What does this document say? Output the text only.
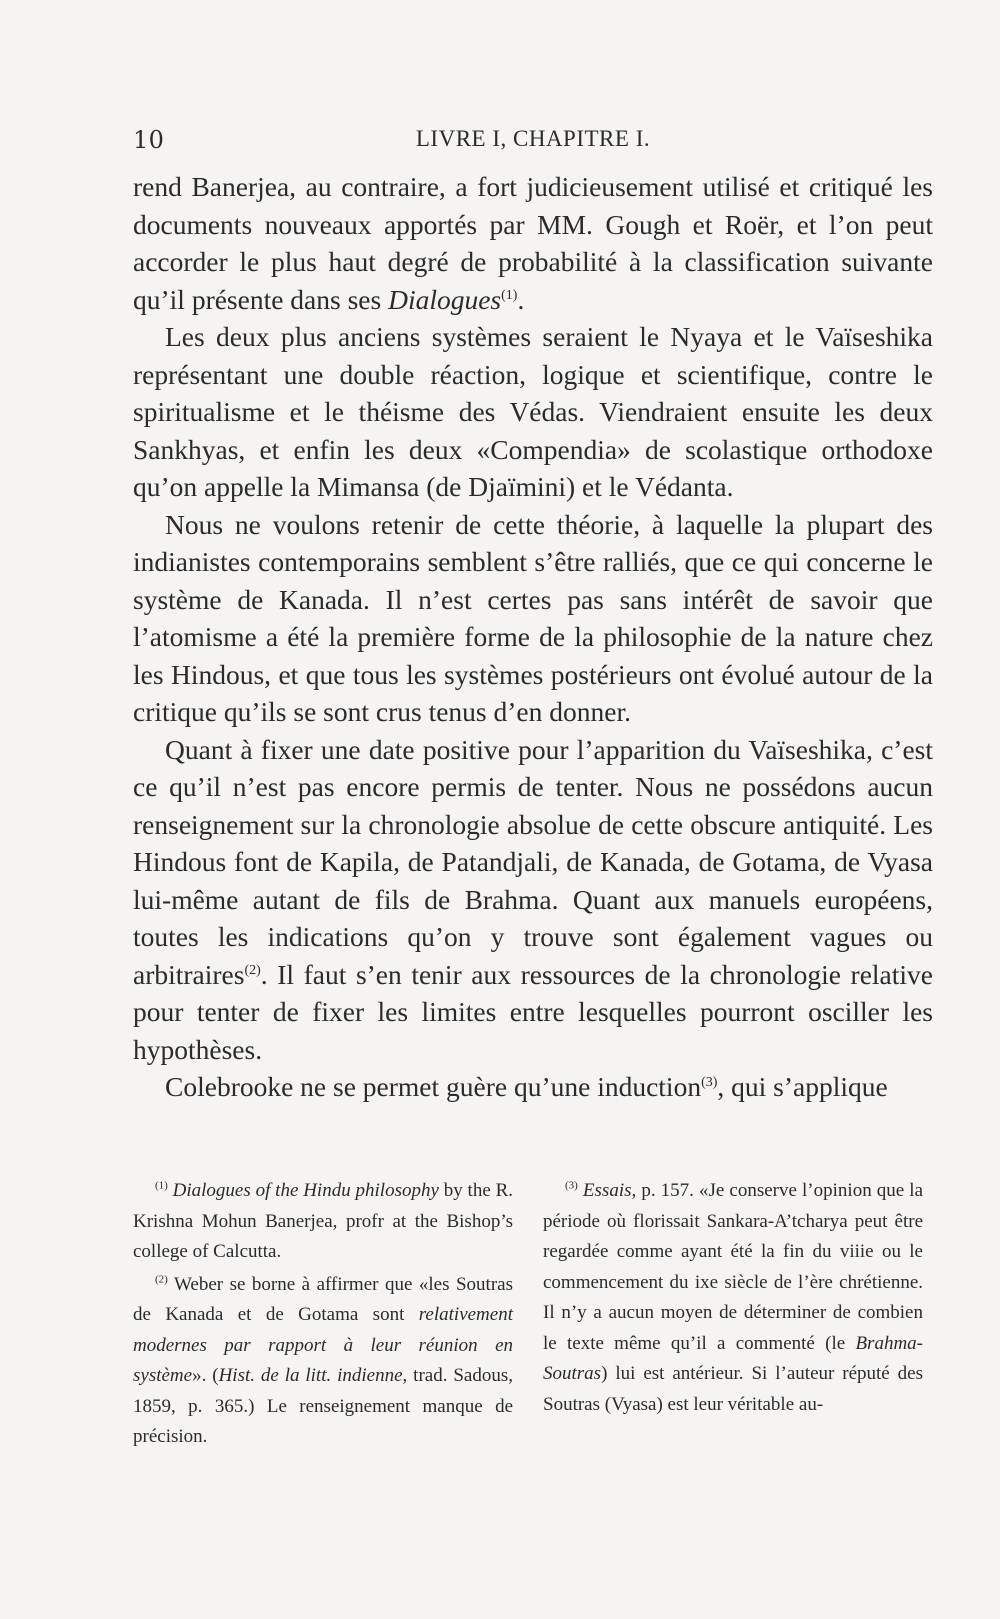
10	LIVRE I, CHAPITRE I.

rend Banerjea, au contraire, a fort judicieusement utilisé et critiqué les documents nouveaux apportés par MM. Gough et Roër, et l’on peut accorder le plus haut degré de probabilité à la classification suivante qu’il présente dans ses Dialogues$^{(1)}$.

Les deux plus anciens systèmes seraient le Nyaya et le Vaïseshika représentant une double réaction, logique et scientifique, contre le spiritualisme et le théisme des Védas. Viendraient ensuite les deux Sankhyas, et enfin les deux «Compendia» de scolastique orthodoxe qu’on appelle la Mimansa (de Djaïmini) et le Védanta.

Nous ne voulons retenir de cette théorie, à laquelle la plupart des indianistes contemporains semblent s’être ralliés, que ce qui concerne le système de Kanada. Il n’est certes pas sans intérêt de savoir que l’atomisme a été la première forme de la philosophie de la nature chez les Hindous, et que tous les systèmes postérieurs ont évolué autour de la critique qu’ils se sont crus tenus d’en donner.

Quant à fixer une date positive pour l’apparition du Vaïseshika, c’est ce qu’il n’est pas encore permis de tenter. Nous ne possédons aucun renseignement sur la chronologie absolue de cette obscure antiquité. Les Hindous font de Kapila, de Patandjali, de Kanada, de Gotama, de Vyasa lui-même autant de fils de Brahma. Quant aux manuels européens, toutes les indications qu’on y trouve sont également vagues ou arbitraires$^{(2)}$. Il faut s’en tenir aux ressources de la chronologie relative pour tenter de fixer les limites entre lesquelles pourront osciller les hypothèses.

Colebrooke ne se permet guère qu’une induction$^{(3)}$, qui s’applique

$^{(1)}$ Dialogues of the Hindu philosophy by the R. Krishna Mohun Banerjea, profr at the Bishop’s college of Calcutta.

$^{(2)}$ Weber se borne à affirmer que «les Soutras de Kanada et de Gotama sont relativement modernes par rapport à leur réunion en système». (Hist. de la litt. indienne, trad. Sadous, 1859, p. 365.) Le renseignement manque de précision.

$^{(3)}$ Essais, p. 157. «Je conserve l’opinion que la période où florissait Sankara-A’tcharya peut être regardée comme ayant été la fin du viiie ou le commencement du ixe siècle de l’ère chrétienne. Il n’y a aucun moyen de déterminer de combien le texte même qu’il a commenté (le Brahma-Soutras) lui est antérieur. Si l’auteur réputé des Soutras (Vyasa) est leur véritable au-
